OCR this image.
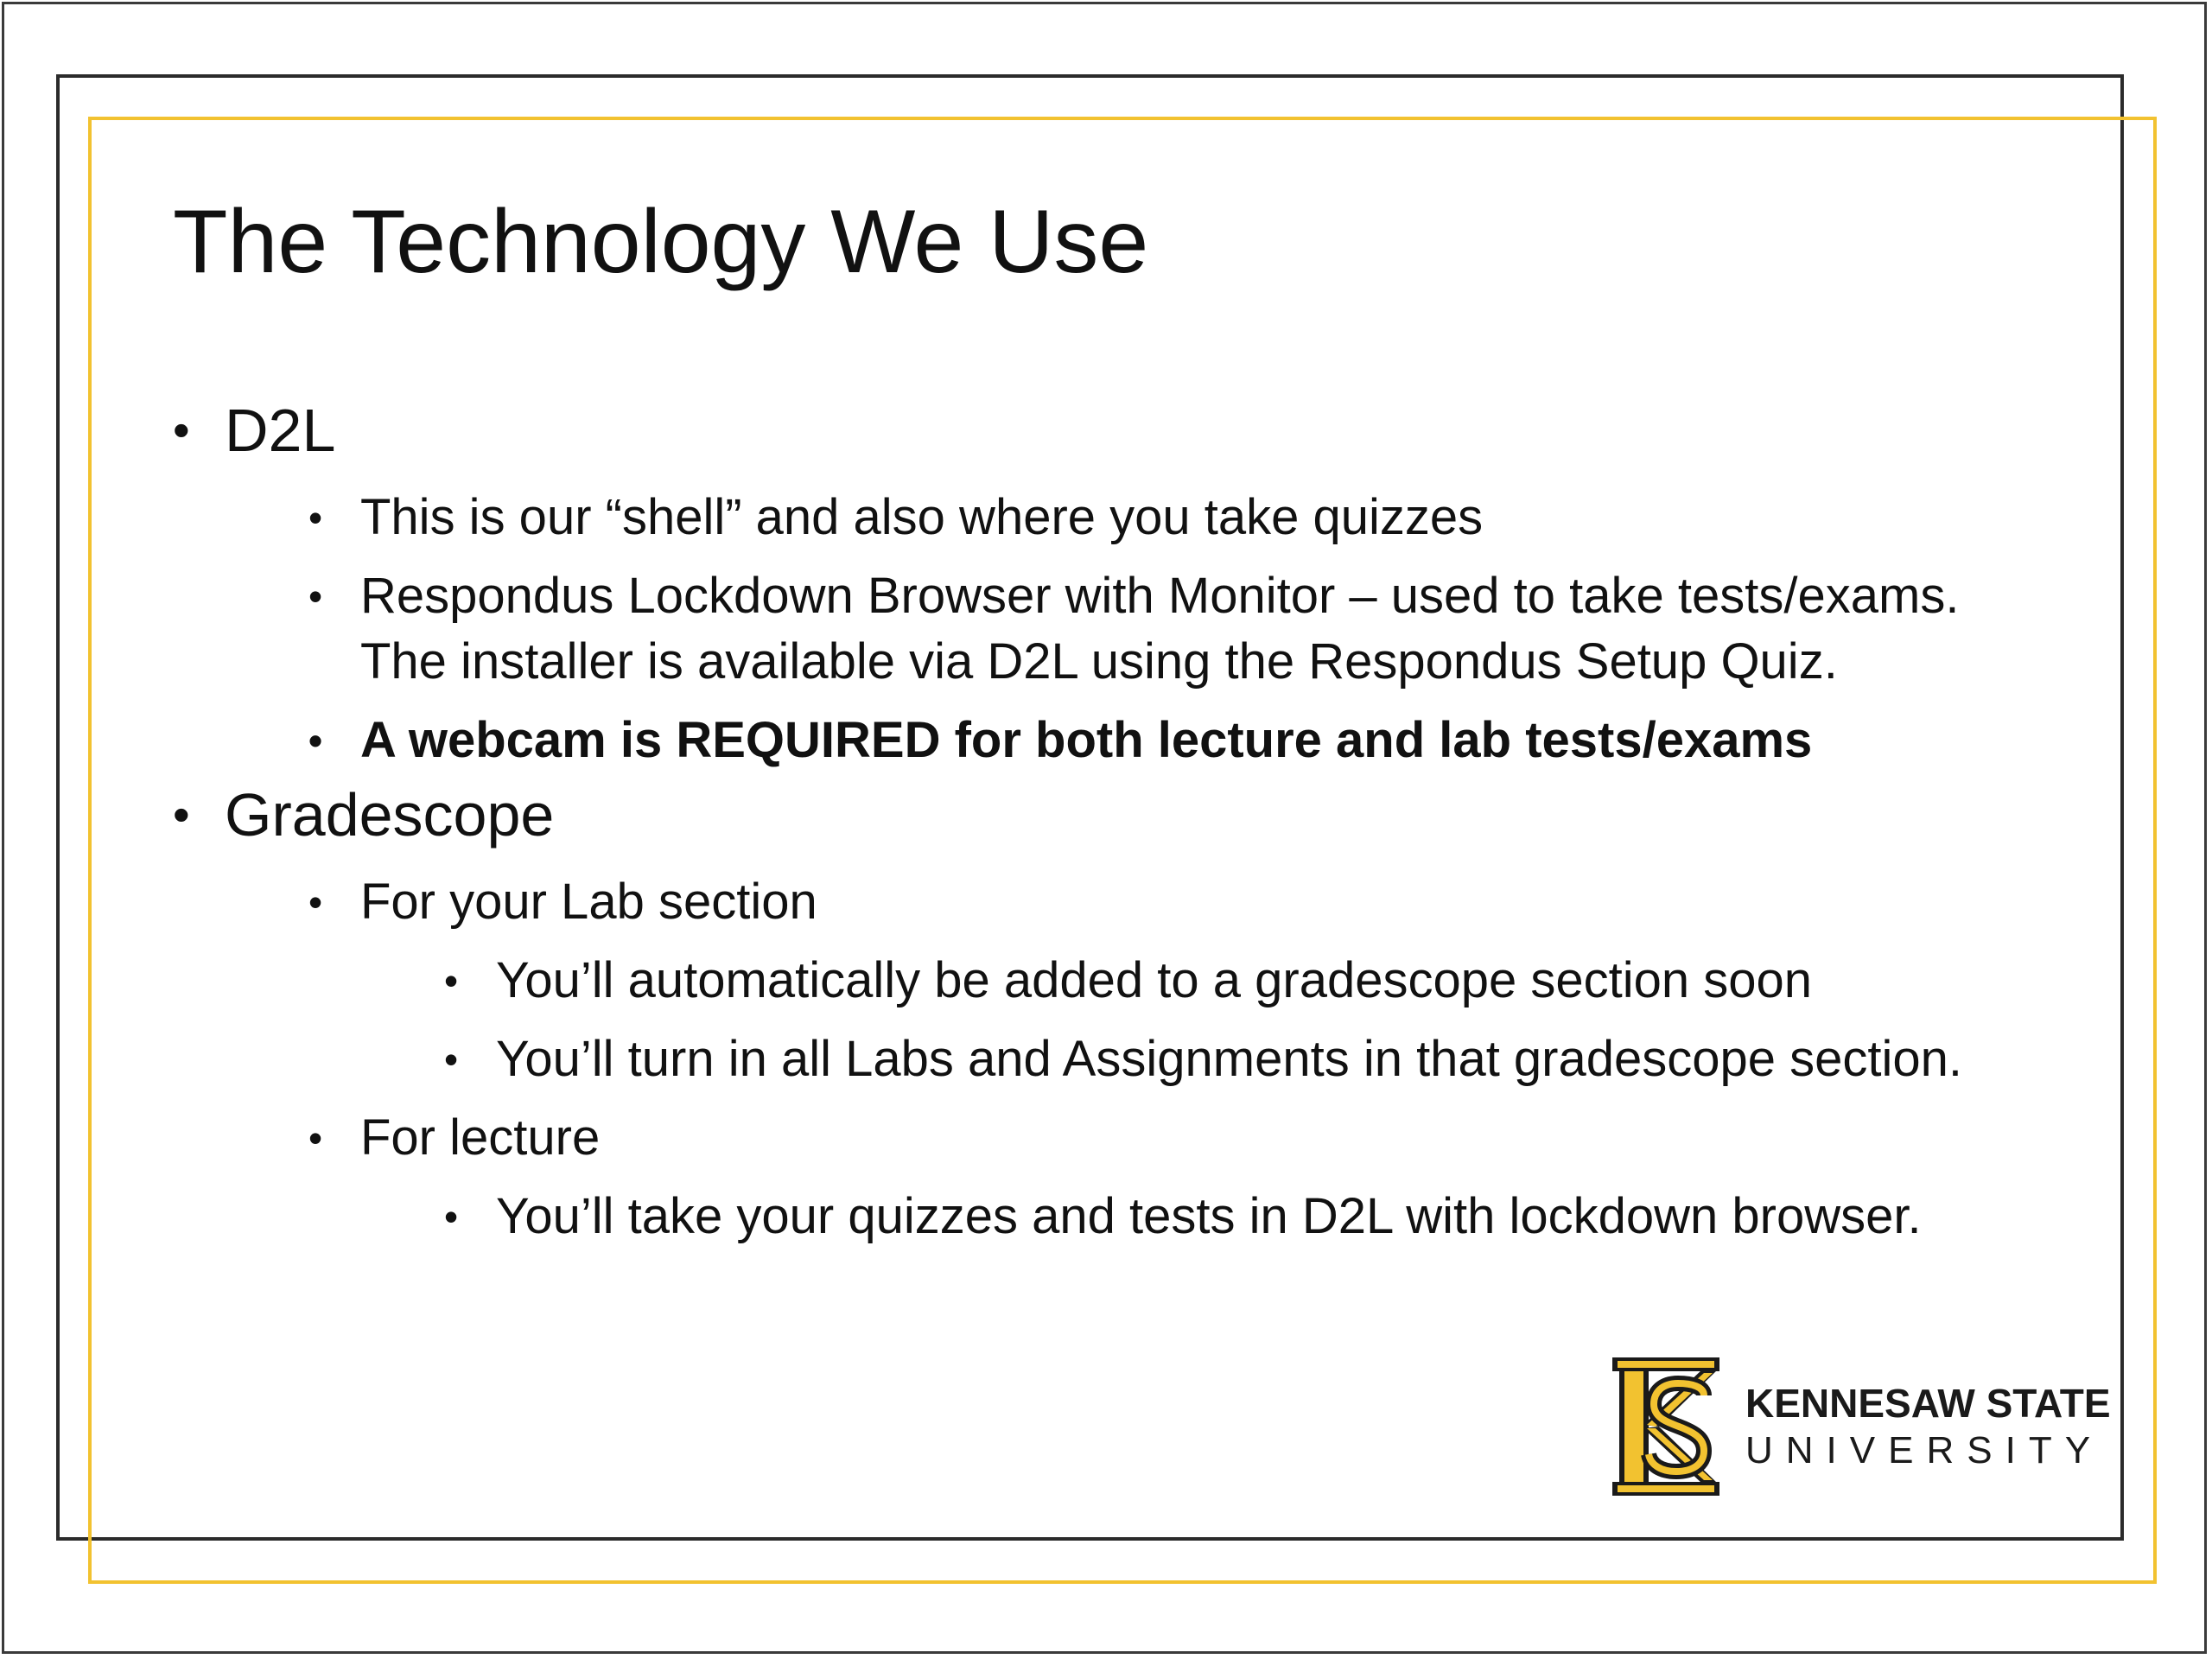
The Technology We Use
• D2L
• This is our “shell” and also where you take quizzes
• Respondus Lockdown Browser with Monitor – used to take tests/exams. The installer is available via D2L using the Respondus Setup Quiz.
• A webcam is REQUIRED for both lecture and lab tests/exams
• Gradescope
• For your Lab section
• You’ll automatically be added to a gradescope section soon
• You’ll turn in all Labs and Assignments in that gradescope section.
• For lecture
• You’ll take your quizzes and tests in D2L with lockdown browser.
KENNESAW STATE
UNIVERSITY
